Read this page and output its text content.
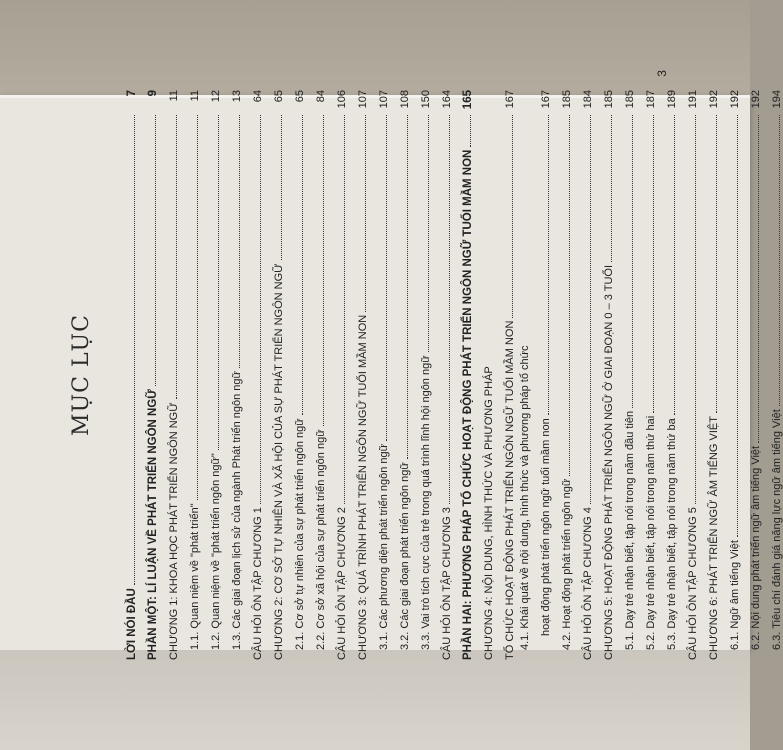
MỤC LỤC
LỜI NÓI ĐẦU
7
PHẦN MỘT: LÍ LUẬN VỀ PHÁT TRIỂN NGÔN NGỮ
9
CHƯƠNG 1: KHOA HỌC PHÁT TRIỂN NGÔN NGỮ
11
1.1. Quan niệm về "phát triển"
11
1.2. Quan niệm về "phát triển ngôn ngữ"
12
1.3. Các giai đoạn lịch sử của ngành Phát triển ngôn ngữ
13
CÂU HỎI ÔN TẬP CHƯƠNG 1
64
CHƯƠNG 2: CƠ SỞ TỰ NHIÊN VÀ XÃ HỘI CỦA SỰ PHÁT TRIỂN NGÔN NGỮ
65
2.1. Cơ sở tự nhiên của sự phát triển ngôn ngữ
65
2.2. Cơ sở xã hội của sự phát triển ngôn ngữ
84
CÂU HỎI ÔN TẬP CHƯƠNG 2
106
CHƯƠNG 3: QUÁ TRÌNH PHÁT TRIỂN NGÔN NGỮ TUỔI MẦM NON
107
3.1. Các phương diện phát triển ngôn ngữ
107
3.2. Các giai đoạn phát triển ngôn ngữ
108
3.3. Vai trò tích cực của trẻ trong quá trình lĩnh hội ngôn ngữ
150
CÂU HỎI ÔN TẬP CHƯƠNG 3
164
PHẦN HAI: PHƯƠNG PHÁP TỔ CHỨC HOẠT ĐỘNG PHÁT TRIỂN NGÔN NGỮ TUỔI MẦM NON
165
CHƯƠNG 4: NỘI DUNG, HÌNH THỨC VÀ PHƯƠNG PHÁP TỔ CHỨC HOẠT ĐỘNG PHÁT TRIỂN NGÔN NGỮ TUỔI MẦM NON
167
4.1. Khái quát về nội dung, hình thức và phương pháp tổ chức hoạt động phát triển ngôn ngữ tuổi mầm non
167
4.2. Hoạt động phát triển ngôn ngữ
185
CÂU HỎI ÔN TẬP CHƯƠNG 4
184
CHƯƠNG 5: HOẠT ĐỘNG PHÁT TRIỂN NGÔN NGỮ Ở GIAI ĐOẠN 0 – 3 TUỔI
185
5.1. Dạy trẻ nhận biết, tập nói trong năm đầu tiên
185
5.2. Dạy trẻ nhận biết, tập nói trong năm thứ hai
187
5.3. Dạy trẻ nhận biết, tập nói trong năm thứ ba
189
CÂU HỎI ÔN TẬP CHƯƠNG 5
191
CHƯƠNG 6: PHÁT TRIỂN NGỮ ÂM TIẾNG VIỆT
192
6.1. Ngữ âm tiếng Việt
192
6.2. Nội dung phát triển ngữ âm tiếng Việt
192
6.3. Tiêu chí đánh giá năng lực ngữ âm tiếng Việt
194
3
